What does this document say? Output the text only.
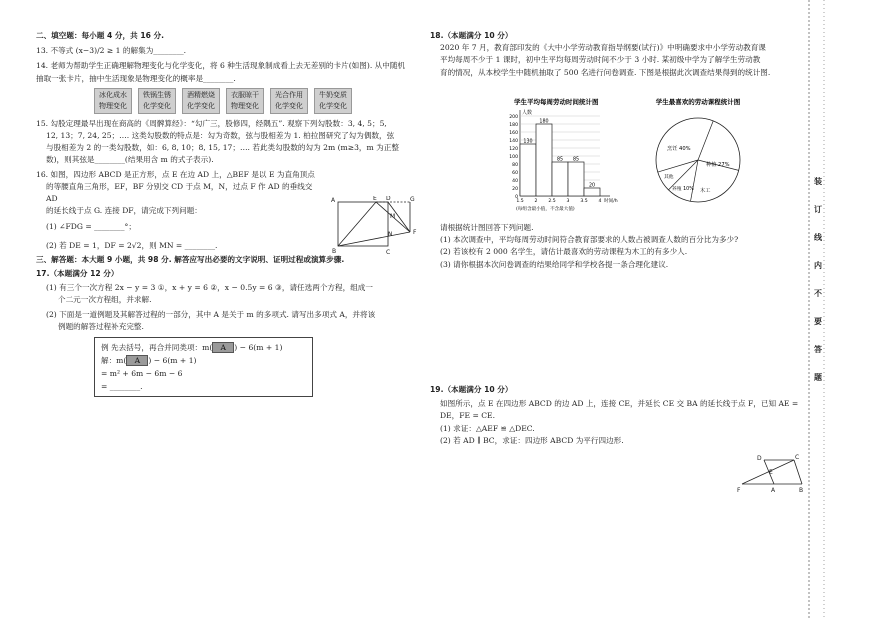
二、填空题：每小题 4 分，共 16 分.

13. 不等式 (x−3)/2 ≥ 1 的解集为________.

14. 老师为帮助学生正确理解物理变化与化学变化，将 6 种生活现象制成看上去无差别的卡片(如图). 从中随机抽取一张卡片，抽中生活现象是物理变化的概率是________.

冰化成水
物理变化
铁锅生锈
化学变化
酒精燃烧
化学变化
衣服晾干
物理变化
光合作用
化学变化
牛奶变质
化学变化

15. 勾股定理最早出现在商高的《周髀算经》：“勾广三，股修四，经隅五”. 观察下列勾股数：3, 4, 5；5,

12, 13；7, 24, 25；…. 这类勾股数的特点是：勾为奇数，弦与股相差为 1. 柏拉图研究了勾为偶数，弦

与股相差为 2 的一类勾股数，如：6, 8, 10；8, 15, 17；…. 若此类勾股数的勾为 2m (m≥3，m 为正整

数)，则其弦是________(结果用含 m 的式子表示).

16. 如图，四边形 ABCD 是正方形，点 E 在边 AD 上，△BEF 是以 E 为直角顶点

的等腰直角三角形，EF，BF 分别交 CD 于点 M，N，过点 F 作 AD 的垂线交 AD

的延长线于点 G. 连接 DF，请完成下列问题：

(1) ∠FDG = ________°；

(2) 若 DE = 1，DF = 2√2，则 MN = ________.

三、解答题：本大题 9 小题，共 98 分. 解答应写出必要的文字说明、证明过程或演算步骤.

17.（本题满分 12 分）

(1) 有三个一次方程 2x − y = 3 ①，x + y = 6 ②，x − 0.5y = 6 ③，请任选两个方程，组成一

个二元一次方程组，并求解.

(2) 下面是一道例题及其解答过程的一部分，其中 A 是关于 m 的多项式. 请写出多项式 A，并将该

例题的解答过程补充完整.

例 先去括号，再合并同类项：m( A ) − 6(m + 1)
解：m( A ) − 6(m + 1)
= m² + 6m − 6m − 6
= ________.
A	E D	G
F
M
N
B	C

18.（本题满分 10 分）

2020 年 7 月，教育部印发的《大中小学劳动教育指导纲要(试行)》中明确要求中小学劳动教育课

平均每周不少于 1 课时，初中生平均每周劳动时间不少于 3 小时. 某初级中学为了解学生劳动教

育的情况，从本校学生中随机抽取了 500 名进行问卷调查. 下图是根据此次调查结果得到的统计图.

学生平均每周劳动时间统计图
人数
0
20
40
60
80
100
120
140
160
180
200
130
180
85 85
20
1.5 2 2.5 3 3.5 4 时间/h
(每组含最小值，不含最大值)
学生最喜欢的劳动课程统计图
烹饪 40%
种植 27%
木工
养殖 10%
其他

请根据统计图回答下列问题.

(1) 本次调查中，平均每周劳动时间符合教育部要求的人数占被调查人数的百分比为多少?

(2) 若该校有 2 000 名学生，请估计最喜欢的劳动课程为木工的有多少人.

(3) 请你根据本次问卷调查的结果给同学和学校各提一条合理化建议.

19.（本题满分 10 分）

如图所示，点 E 在四边形 ABCD 的边 AD 上，连接 CE，并延长 CE 交 BA 的延长线于点 F，已知 AE =

DE，FE = CE.

(1) 求证：△AEF ≌ △DEC.

(2) 若 AD ∥ BC，求证：四边形 ABCD 为平行四边形.

D	C
E
F	A	B
装
订
线
内
不
要
答
题
